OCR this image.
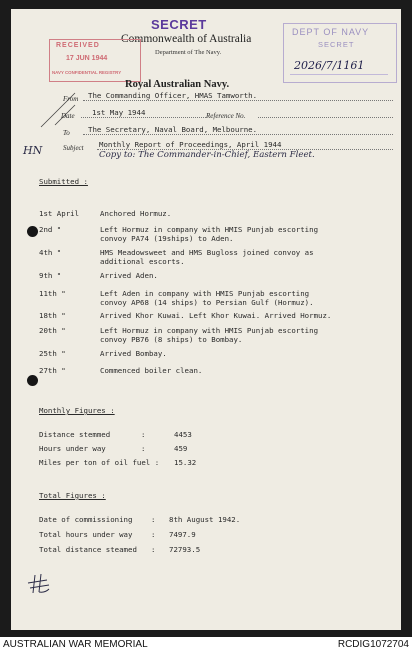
SECRET
Commonwealth of Australia
Department of The Navy.
RECEIVED
17 JUN 1944
NAVY CONFIDENTIAL REGISTRY
DEPT OF NAVY
SECRET
2026/7/1161
Royal Australian Navy.
From The Commanding Officer, HMAS Tamworth.
Date 1st May 1944	Reference No.
To The Secretary, Naval Board, Melbourne.
HN	Subject Monthly Report of Proceedings, April 1944
Copy to: The Commander-in-Chief, Eastern Fleet.
Submitted :
1st April	Anchored Hormuz.
2nd "	Left Hormuz in company with HMIS Punjab escorting
convoy PA74 (19ships) to Aden.
4th "	HMS Meadowsweet and HMS Bugloss joined convoy as
additional escorts.
9th "	Arrived Aden.
11th "	Left Aden in company with HMIS Punjab escorting
convoy AP68 (14 ships) to Persian Gulf (Hormuz).
18th "	Arrived Khor Kuwai. Left Khor Kuwai. Arrived Hormuz.
20th "	Left Hormuz in company with HMIS Punjab escorting
convoy PB76 (8 ships) to Bombay.
25th "	Arrived Bombay.
27th "	Commenced boiler clean.
Monthly Figures :
Distance stemmed	:	4453
Hours under way	:	459
Miles per ton of oil fuel : 15.32
Total Figures :
Date of commissioning	: 8th August 1942.
Total hours under way	: 7497.9
Total distance steamed : 72793.5
AUSTRALIAN WAR MEMORIAL	RCDIG1072704
